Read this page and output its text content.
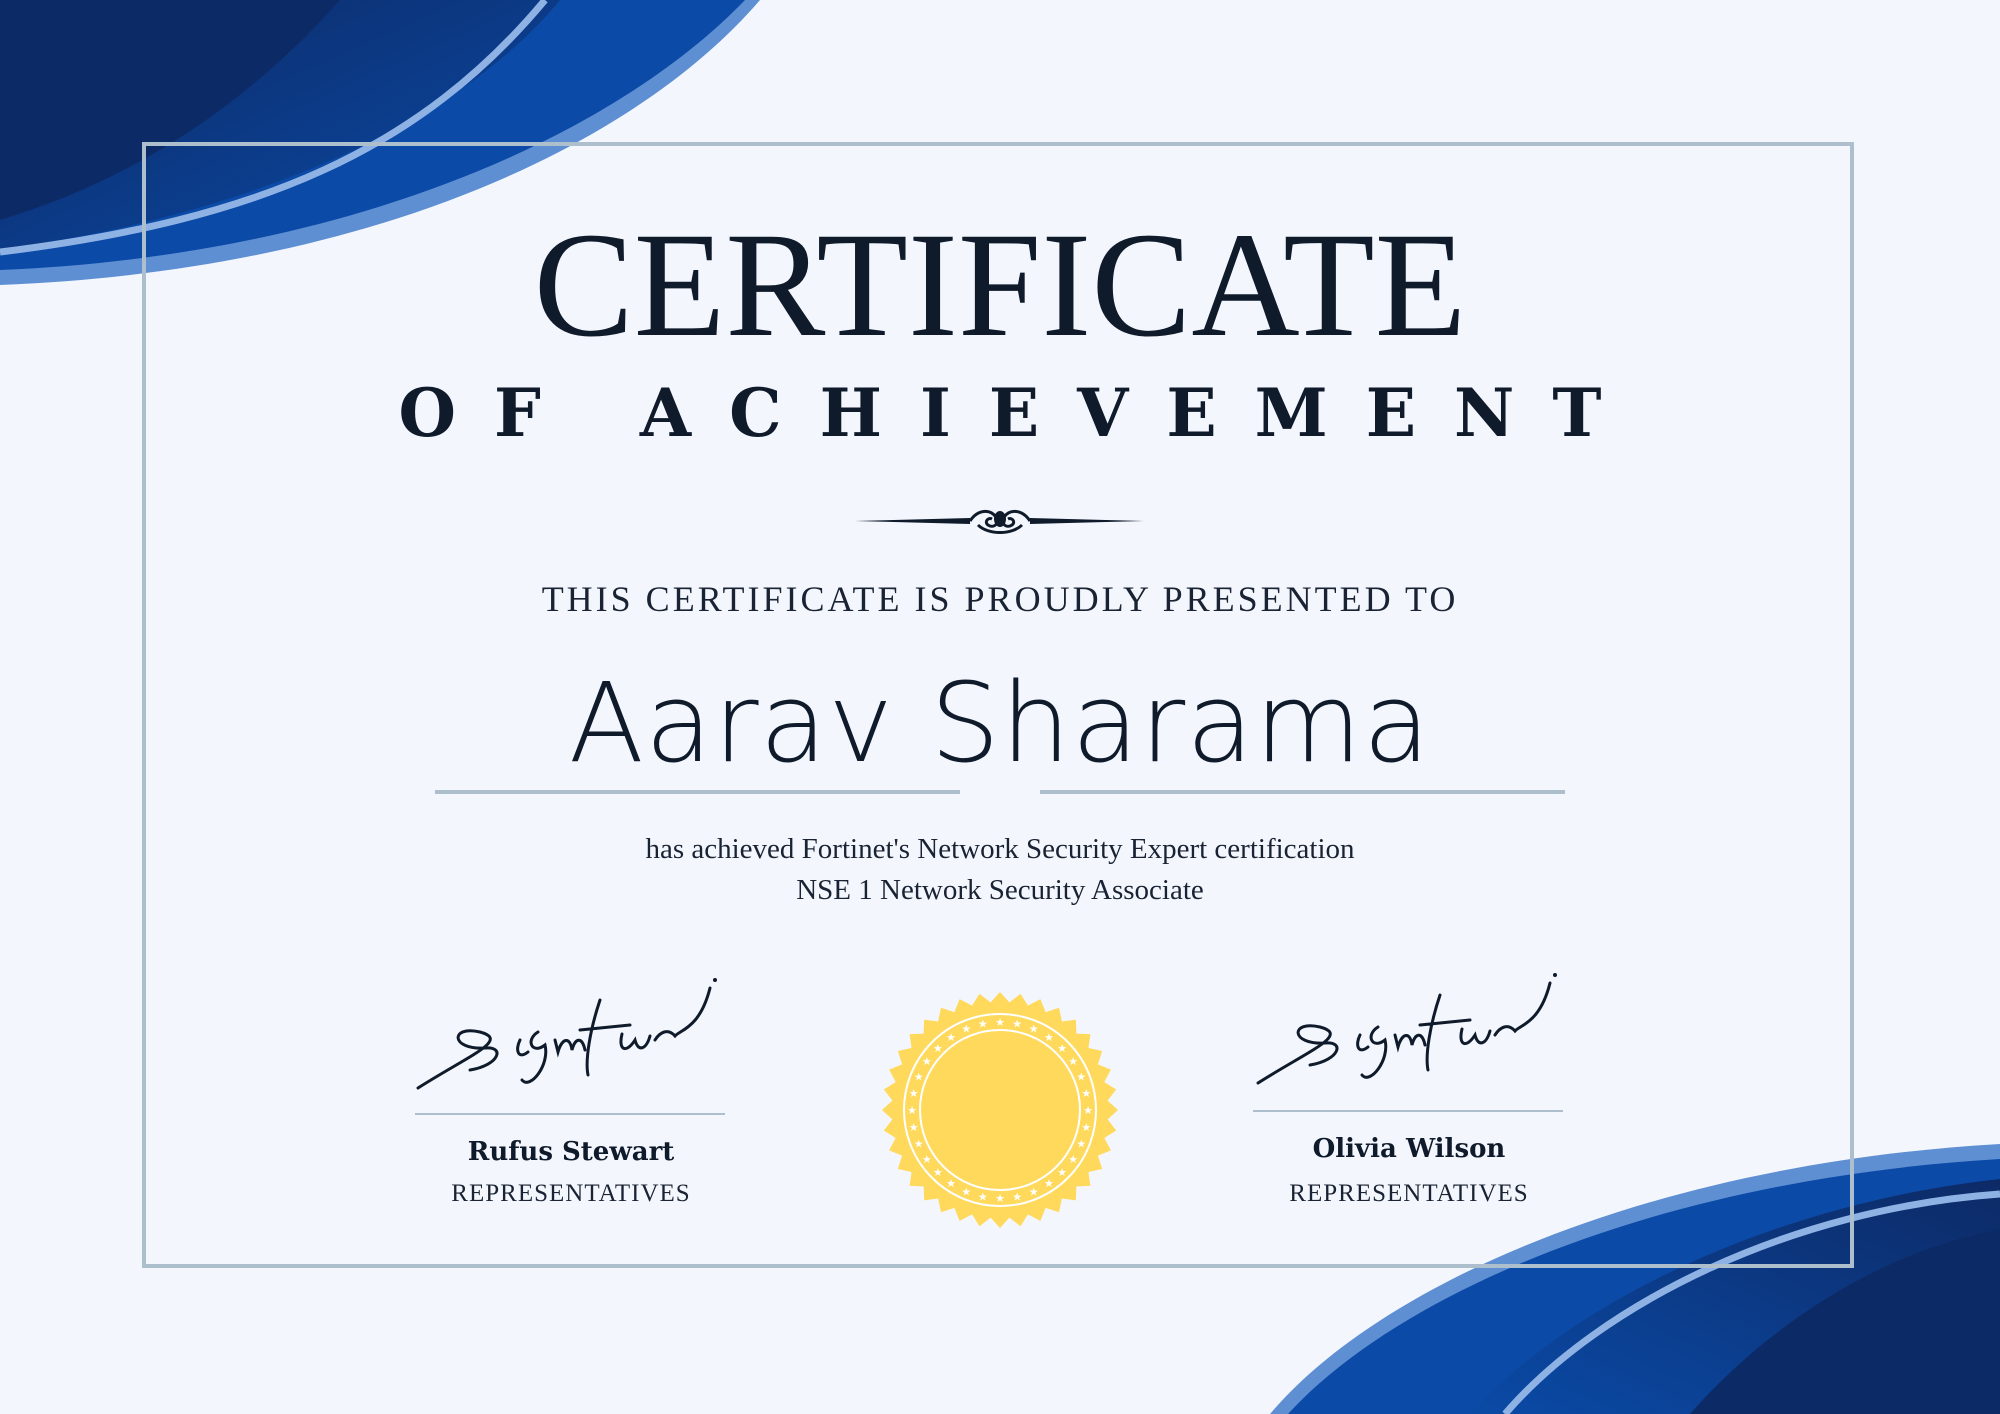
CERTIFICATE
OF ACHIEVEMENT
THIS CERTIFICATE IS PROUDLY PRESENTED TO
Aarav Sharama
has achieved Fortinet's Network Security Expert certification
NSE 1 Network Security Associate
Rufus Stewart
REPRESENTATIVES
Olivia Wilson
REPRESENTATIVES
★
★
★
★
★
★
★
★
★
★
★
★
★
★
★
★
★
★
★
★
★
★
★ ★ ★ ★ ★
★
★
★
★
★
